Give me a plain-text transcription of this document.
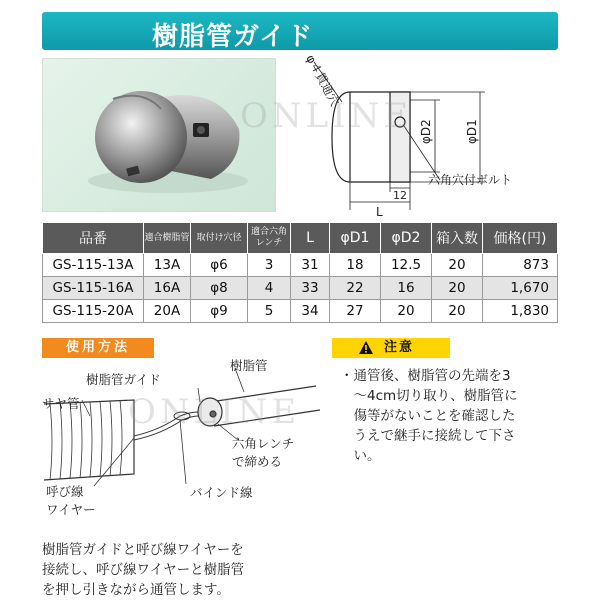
樹脂管ガイド
φ４貫通穴
φD2	φD1
12
L
六角穴付ボルト
品番	適合樹脂管	取付け穴径	適合六角レンチ	L	φD1	φD2	箱入数	価格(円)
GS-115-13A	13A	φ6	3	31	18	12.5	20	873
GS-115-16A	16A	φ8	4	33	22	16	20	1,670
GS-115-20A	20A	φ9	5	34	27	20	20	1,830
使用方法
樹脂管ガイド
樹脂管
サヤ管
六角レンチ
で締める
バインド線
呼び線
ワイヤー
樹脂管ガイドと呼び線ワイヤーを
接続し、呼び線ワイヤーと樹脂管
を押し引きながら通管します。
注意
・通管後、樹脂管の先端を3
　～4cm切り取り、樹脂管に
　傷等がないことを確認した
　うえで継手に接続して下さ
　い。
ONLINE
ONLINE
